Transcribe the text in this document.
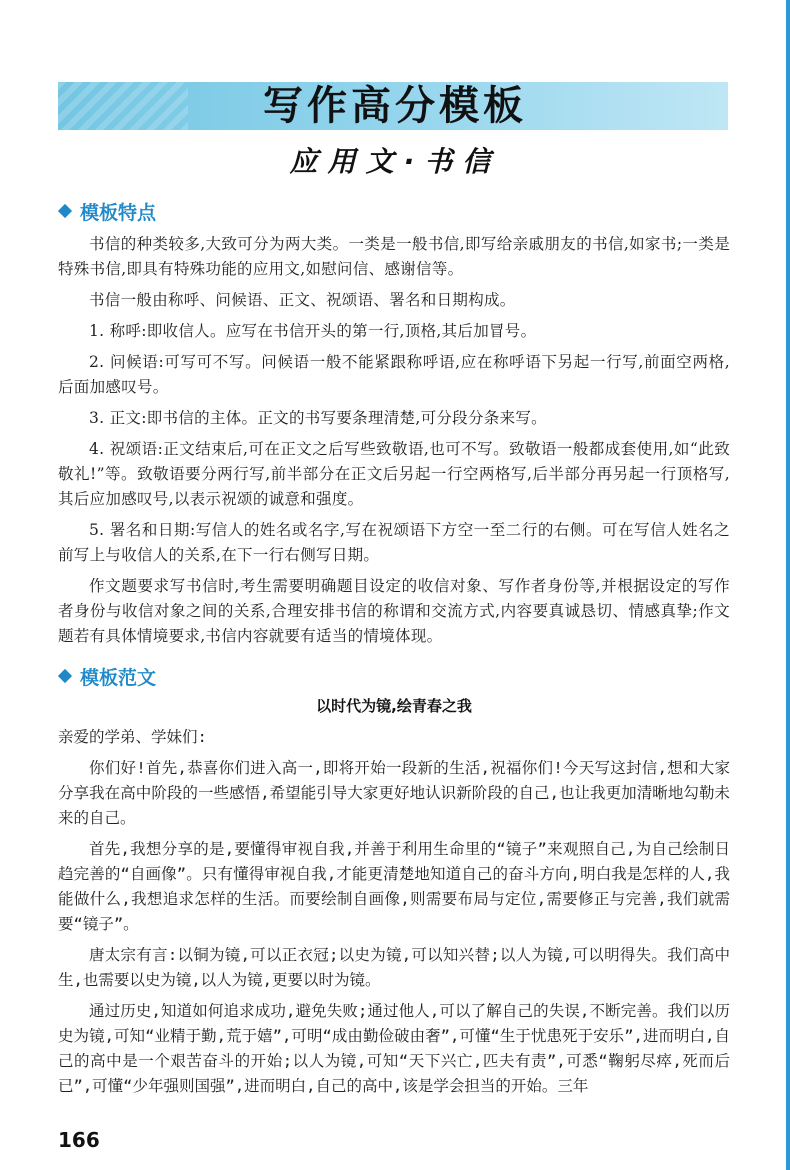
写作高分模板
应用文·书信
模板特点

书信的种类较多,大致可分为两大类。一类是一般书信,即写给亲戚朋友的书信,如家书;一类是特殊书信,即具有特殊功能的应用文,如慰问信、感谢信等。

书信一般由称呼、问候语、正文、祝颂语、署名和日期构成。

1. 称呼:即收信人。应写在书信开头的第一行,顶格,其后加冒号。

2. 问候语:可写可不写。问候语一般不能紧跟称呼语,应在称呼语下另起一行写,前面空两格,后面加感叹号。

3. 正文:即书信的主体。正文的书写要条理清楚,可分段分条来写。

4. 祝颂语:正文结束后,可在正文之后写些致敬语,也可不写。致敬语一般都成套使用,如“此致 敬礼!”等。致敬语要分两行写,前半部分在正文后另起一行空两格写,后半部分再另起一行顶格写,其后应加感叹号,以表示祝颂的诚意和强度。

5. 署名和日期:写信人的姓名或名字,写在祝颂语下方空一至二行的右侧。可在写信人姓名之前写上与收信人的关系,在下一行右侧写日期。

作文题要求写书信时,考生需要明确题目设定的收信对象、写作者身份等,并根据设定的写作者身份与收信对象之间的关系,合理安排书信的称谓和交流方式,内容要真诚恳切、情感真挚;作文题若有具体情境要求,书信内容就要有适当的情境体现。

模板范文

以时代为镜,绘青春之我

亲爱的学弟、学妹们:

你们好!首先,恭喜你们进入高一,即将开始一段新的生活,祝福你们!今天写这封信,想和大家分享我在高中阶段的一些感悟,希望能引导大家更好地认识新阶段的自己,也让我更加清晰地勾勒未来的自己。

首先,我想分享的是,要懂得审视自我,并善于利用生命里的“镜子”来观照自己,为自己绘制日趋完善的“自画像”。只有懂得审视自我,才能更清楚地知道自己的奋斗方向,明白我是怎样的人,我能做什么,我想追求怎样的生活。而要绘制自画像,则需要布局与定位,需要修正与完善,我们就需要“镜子”。

唐太宗有言:以铜为镜,可以正衣冠;以史为镜,可以知兴替;以人为镜,可以明得失。我们高中生,也需要以史为镜,以人为镜,更要以时为镜。

通过历史,知道如何追求成功,避免失败;通过他人,可以了解自己的失误,不断完善。我们以历史为镜,可知“业精于勤,荒于嬉”,可明“成由勤俭破由奢”,可懂“生于忧患死于安乐”,进而明白,自己的高中是一个艰苦奋斗的开始;以人为镜,可知“天下兴亡,匹夫有责”,可悉“鞠躬尽瘁,死而后已”,可懂“少年强则国强”,进而明白,自己的高中,该是学会担当的开始。三年

166
